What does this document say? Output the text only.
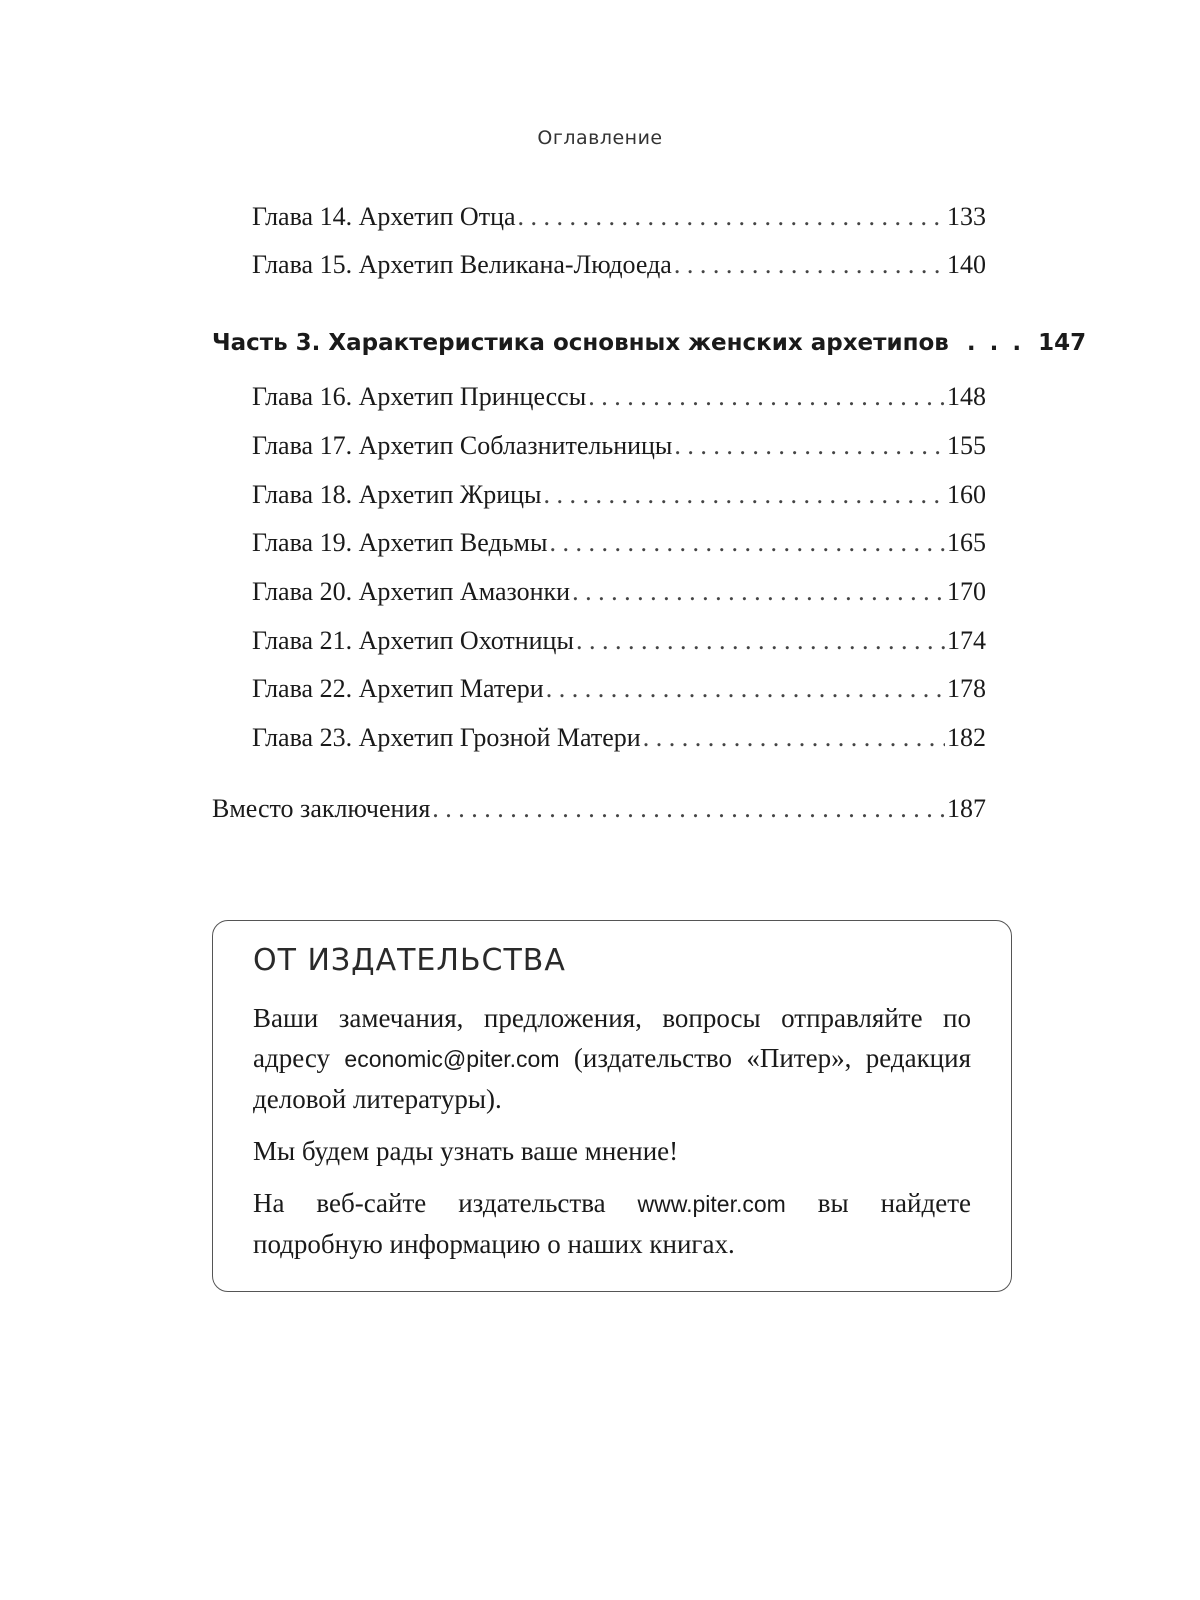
Оглавление
Глава 14. Архетип Отца . . .	133
Глава 15. Архетип Великана-Людоеда . . .	140
Часть 3. Характеристика основных женских архетипов . . . 147
Глава 16. Архетип Принцессы . . .	148
Глава 17. Архетип Соблазнительницы . . .	155
Глава 18. Архетип Жрицы . . .	160
Глава 19. Архетип Ведьмы . . .	165
Глава 20. Архетип Амазонки . . .	170
Глава 21. Архетип Охотницы . . .	174
Глава 22. Архетип Матери . . .	178
Глава 23. Архетип Грозной Матери . . .	182
Вместо заключения . . .	187
ОТ ИЗДАТЕЛЬСТВА

Ваши замечания, предложения, вопросы отправляйте по адресу economic@piter.com (издательство «Питер», редакция деловой литературы).

Мы будем рады узнать ваше мнение!

На веб-сайте издательства www.piter.com вы найдете подробную информацию о наших книгах.
